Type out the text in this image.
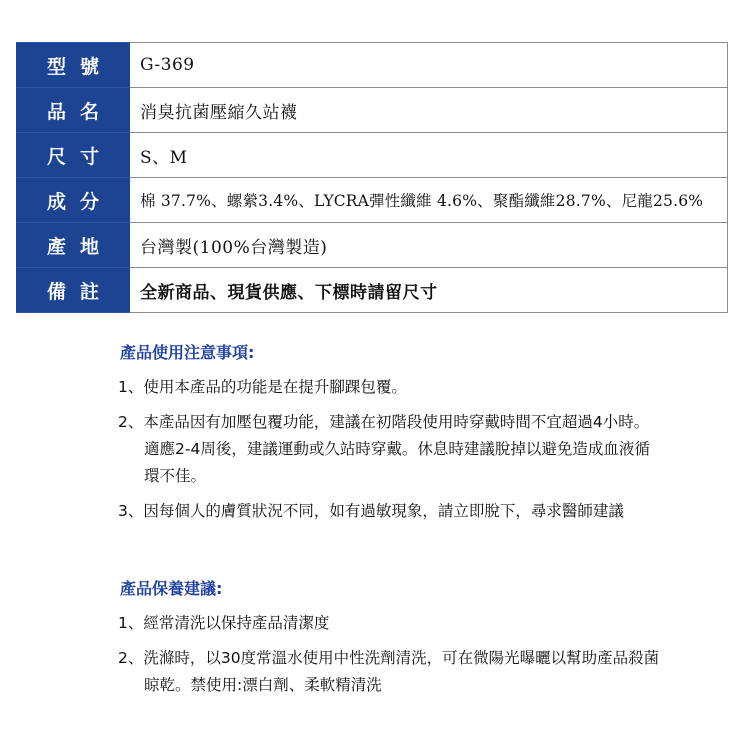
型號	G-369
品名	消臭抗菌壓縮久站襪
尺寸	S、M
成分	棉 37.7%、螺縈3.4%、LYCRA彈性纖維 4.6%、聚酯纖維28.7%、尼龍25.6%
產地	台灣製(100%台灣製造)
備註	全新商品、現貨供應、下標時請留尺寸
產品使用注意事項:
1、使用本產品的功能是在提升腳踝包覆。
2、本產品因有加壓包覆功能，建議在初階段使用時穿戴時間不宜超過4小時。
適應2-4周後，建議運動或久站時穿戴。休息時建議脫掉以避免造成血液循
環不佳。
3、因每個人的膚質狀況不同，如有過敏現象，請立即脫下，尋求醫師建議
產品保養建議:
1、經常清洗以保持產品清潔度
2、洗滌時，以30度常溫水使用中性洗劑清洗，可在微陽光曝曬以幫助產品殺菌
晾乾。禁使用:漂白劑、柔軟精清洗
